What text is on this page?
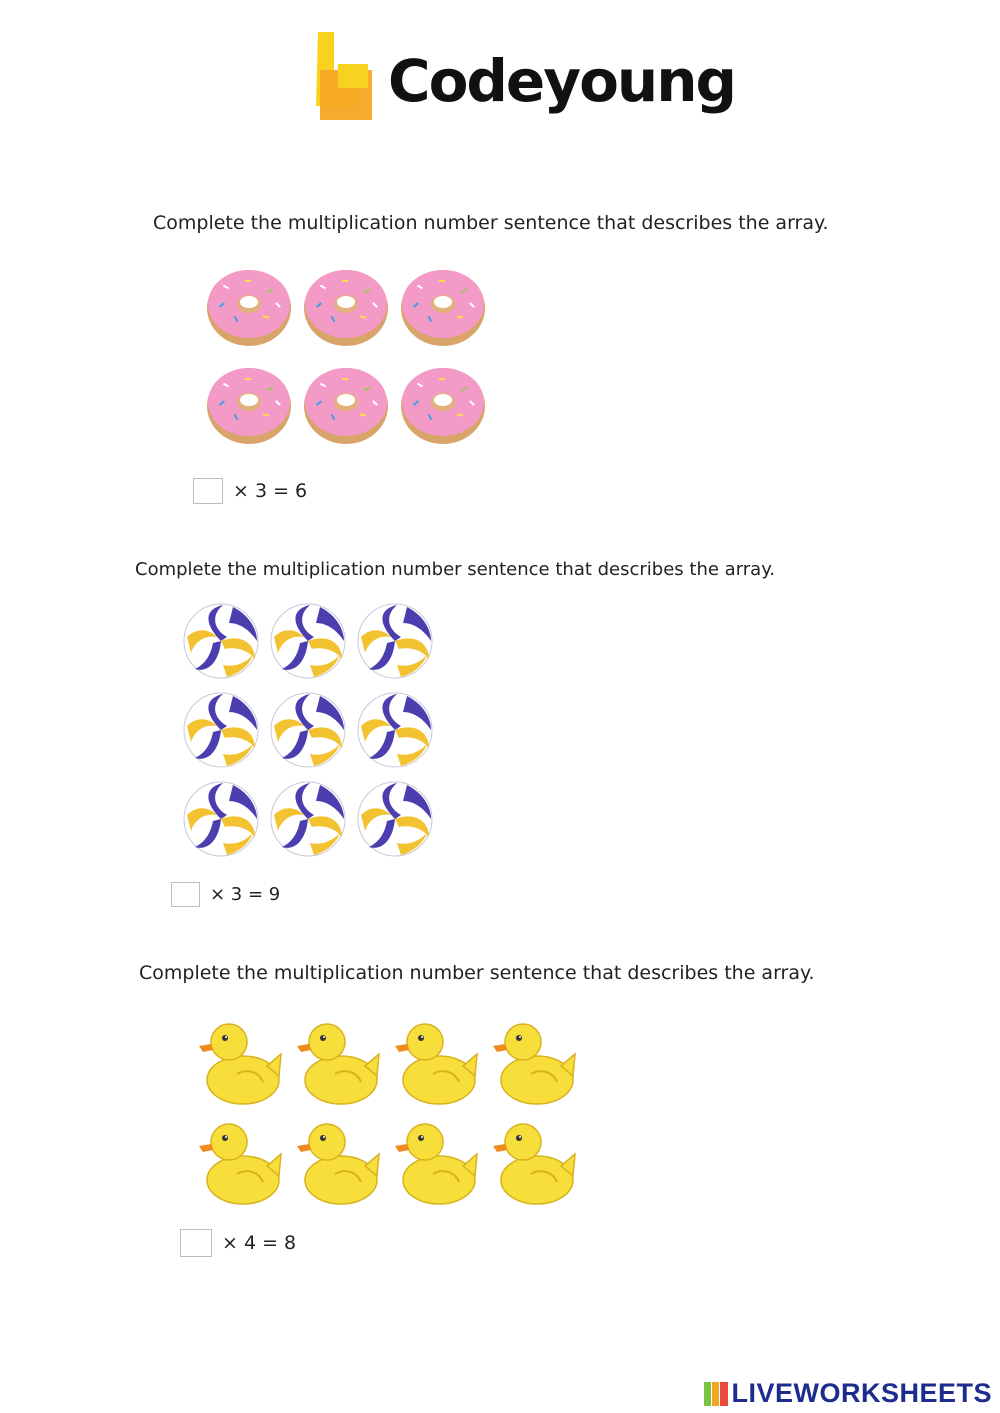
Codeyoung
Complete the multiplication number sentence that describes the array.
× 3 = 6
Complete the multiplication number sentence that describes the array.
× 3 = 9
Complete the multiplication number sentence that describes the array.
× 4 = 8
LIVEWORKSHEETS
